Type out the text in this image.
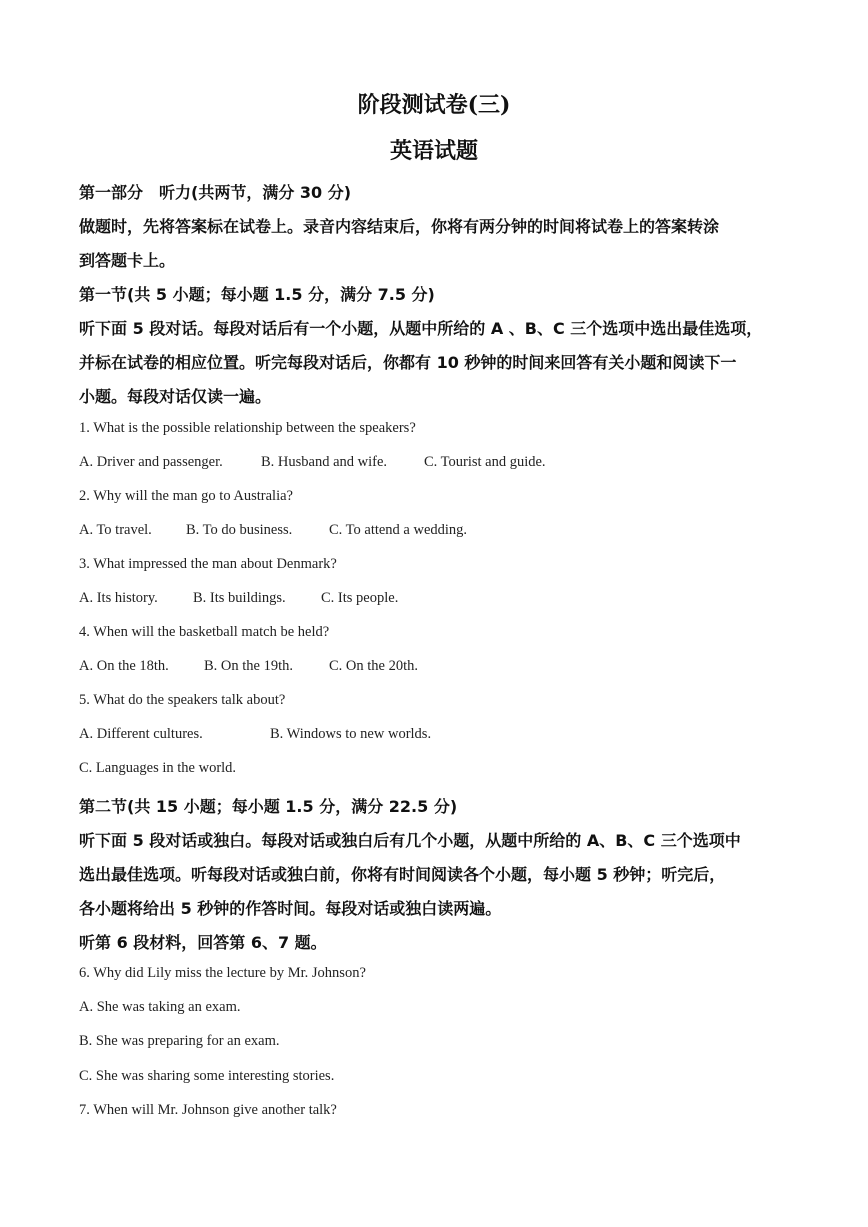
阶段测试卷(三)
英语试题
第一部分　听力(共两节，满分 30 分)
做题时，先将答案标在试卷上。录音内容结束后，你将有两分钟的时间将试卷上的答案转涂
到答题卡上。
第一节(共 5 小题；每小题 1.5 分，满分 7.5 分)
听下面 5 段对话。每段对话后有一个小题，从题中所给的 A 、B、C 三个选项中选出最佳选项，
并标在试卷的相应位置。听完每段对话后，你都有 10 秒钟的时间来回答有关小题和阅读下一
小题。每段对话仅读一遍。
1. What is the possible relationship between the speakers?
A. Driver and passenger.	B. Husband and wife.	C. Tourist and guide.
2. Why will the man go to Australia?
A. To travel. B. To do business.	C. To attend a wedding.
3. What impressed the man about Denmark?
A. Its history. B. Its buildings. C. Its people.
4. When will the basketball match be held?
A. On the 18th. B. On the 19th. C. On the 20th.
5. What do the speakers talk about?
A. Different cultures.	B. Windows to new worlds.
C. Languages in the world.
第二节(共 15 小题；每小题 1.5 分，满分 22.5 分)
听下面 5 段对话或独白。每段对话或独白后有几个小题，从题中所给的 A、B、C 三个选项中
选出最佳选项。听每段对话或独白前，你将有时间阅读各个小题，每小题 5 秒钟；听完后，
各小题将给出 5 秒钟的作答时间。每段对话或独白读两遍。
听第 6 段材料，回答第 6、7 题。
6. Why did Lily miss the lecture by Mr. Johnson?
A. She was taking an exam.
B. She was preparing for an exam.
C. She was sharing some interesting stories.
7. When will Mr. Johnson give another talk?
